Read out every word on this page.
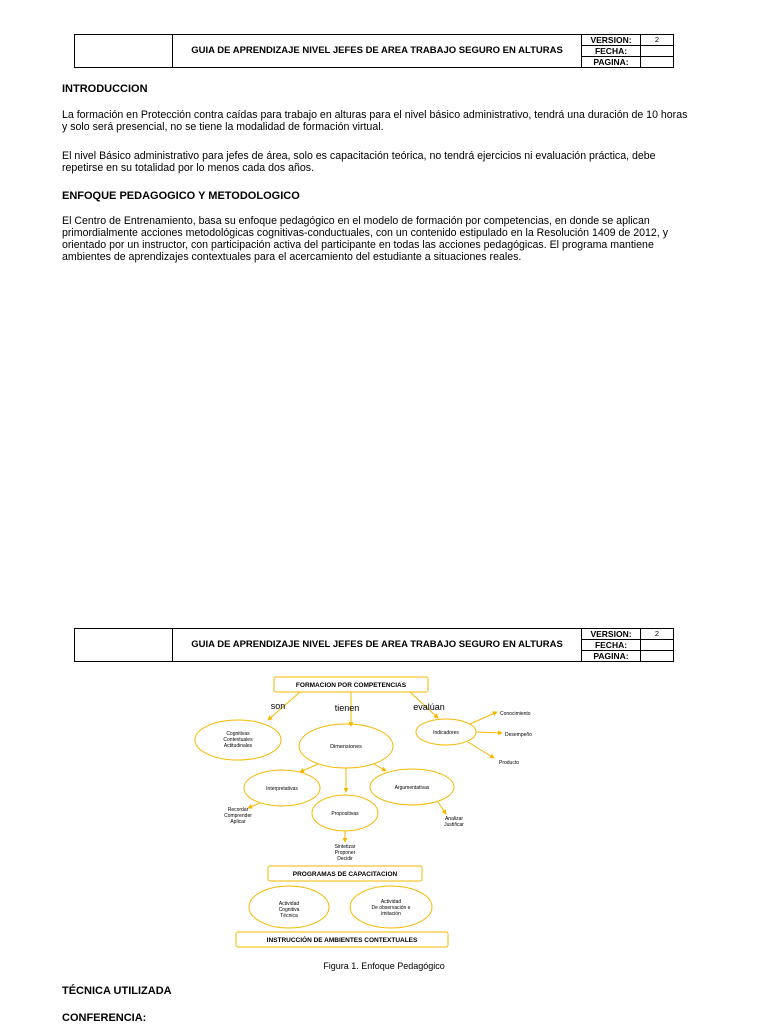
	GUIA DE APRENDIZAJE NIVEL JEFES DE AREA TRABAJO SEGURO EN ALTURAS	VERSION:	2
		FECHA:	
		PAGINA:	

INTRODUCCION

La formación en Protección contra caídas para trabajo en alturas para el nivel básico administrativo, tendrá una duración de 10 horas y solo será presencial, no se tiene la modalidad de formación virtual.

El nivel Básico administrativo para jefes de área, solo es capacitación teórica, no tendrá ejercicios ni evaluación práctica, debe repetirse en su totalidad por lo menos cada dos años.

ENFOQUE PEDAGOGICO Y METODOLOGICO

El Centro de Entrenamiento, basa su enfoque pedagógico en el modelo de formación por competencias, en donde se aplican primordialmente acciones metodológicas cognitivas-conductuales, con un contenido estipulado en la Resolución 1409 de 2012, y orientado por un instructor, con participación activa del participante en todas las acciones pedagógicas. El programa mantiene ambientes de aprendizajes contextuales para el acercamiento del estudiante a situaciones reales.

	GUIA DE APRENDIZAJE NIVEL JEFES DE AREA TRABAJO SEGURO EN ALTURAS	VERSION:	2
		FECHA:	
		PAGINA:	
FORMACION POR COMPETENCIAS
son	tienen	evalúan
Cognitivas
Contextuales
Actitudinales	Dimensiones
Indicadores
Conocimiento
Desempeño
Producto
Interpretativas	Argumentativas
Propositivas
Recordar
Comprender
Aplicar	Analizar
Justificar
Sintetizar
Proponer
Decidir
PROGRAMAS DE CAPACITACION
Actividad
Cognitiva
Técnica
Actividad
De observación e
imitación
INSTRUCCIÓN DE AMBIENTES CONTEXTUALES
Figura 1. Enfoque Pedagógico

TÉCNICA UTILIZADA

CONFERENCIA:
